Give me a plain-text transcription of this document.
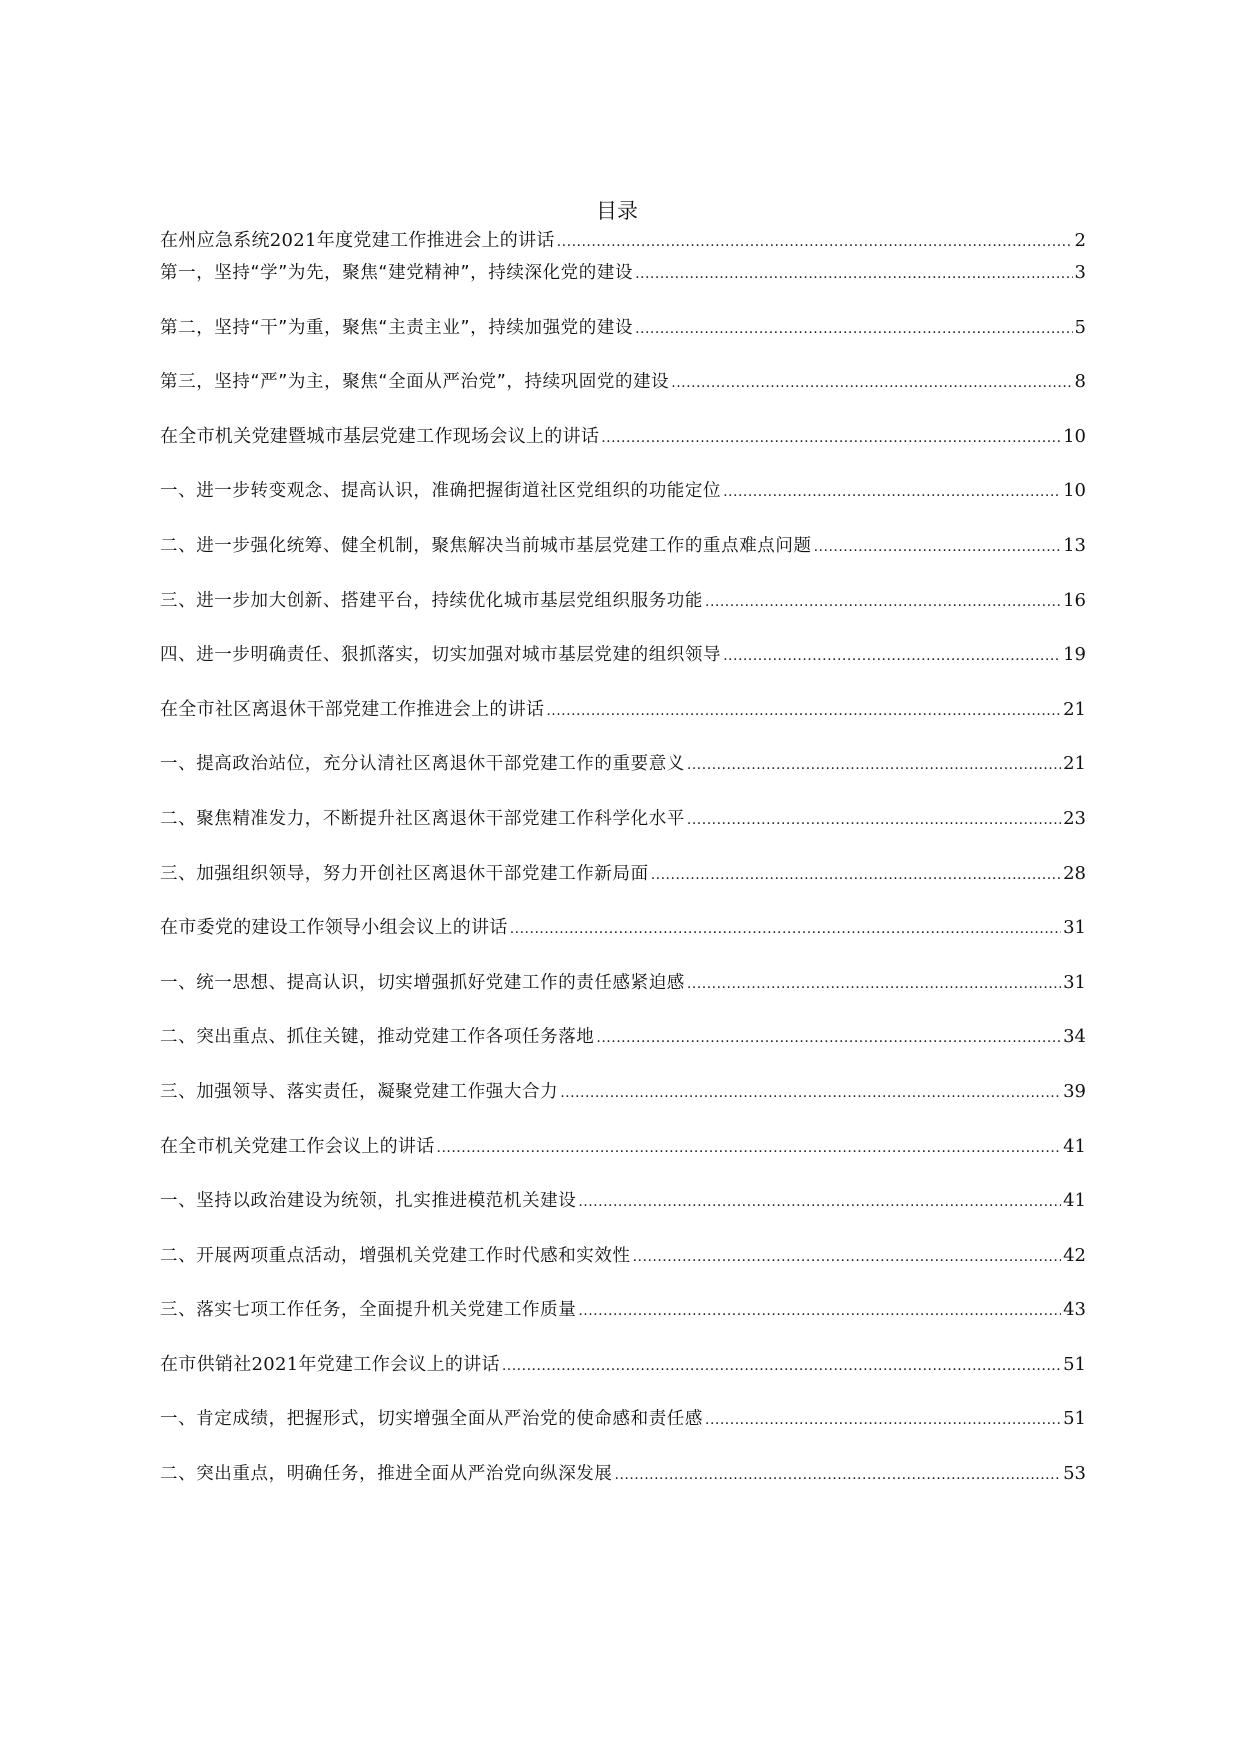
目录
在州应急系统2021年度党建工作推进会上的讲话 .....	2
第一，坚持“学”为先，聚焦“建党精神”，持续深化党的建设 .....	3
第二，坚持“干”为重，聚焦“主责主业”，持续加强党的建设 .....	5
第三，坚持“严”为主，聚焦“全面从严治党”，持续巩固党的建设 .....	8
在全市机关党建暨城市基层党建工作现场会议上的讲话 .....	10
一、进一步转变观念、提高认识，准确把握街道社区党组织的功能定位 .....	10
二、进一步强化统筹、健全机制，聚焦解决当前城市基层党建工作的重点难点问题 .....	13
三、进一步加大创新、搭建平台，持续优化城市基层党组织服务功能 .....	16
四、进一步明确责任、狠抓落实，切实加强对城市基层党建的组织领导 .....	19
在全市社区离退休干部党建工作推进会上的讲话 .....	21
一、提高政治站位，充分认清社区离退休干部党建工作的重要意义 .....	21
二、聚焦精准发力，不断提升社区离退休干部党建工作科学化水平 .....	23
三、加强组织领导，努力开创社区离退休干部党建工作新局面 .....	28
在市委党的建设工作领导小组会议上的讲话 .....	31
一、统一思想、提高认识，切实增强抓好党建工作的责任感紧迫感 .....	31
二、突出重点、抓住关键，推动党建工作各项任务落地 .....	34
三、加强领导、落实责任，凝聚党建工作强大合力 .....	39
在全市机关党建工作会议上的讲话 .....	41
一、坚持以政治建设为统领，扎实推进模范机关建设 .....	41
二、开展两项重点活动，增强机关党建工作时代感和实效性 .....	42
三、落实七项工作任务，全面提升机关党建工作质量 .....	43
在市供销社2021年党建工作会议上的讲话 .....	51
一、肯定成绩，把握形式，切实增强全面从严治党的使命感和责任感 .....	51
二、突出重点，明确任务，推进全面从严治党向纵深发展 .....	53
